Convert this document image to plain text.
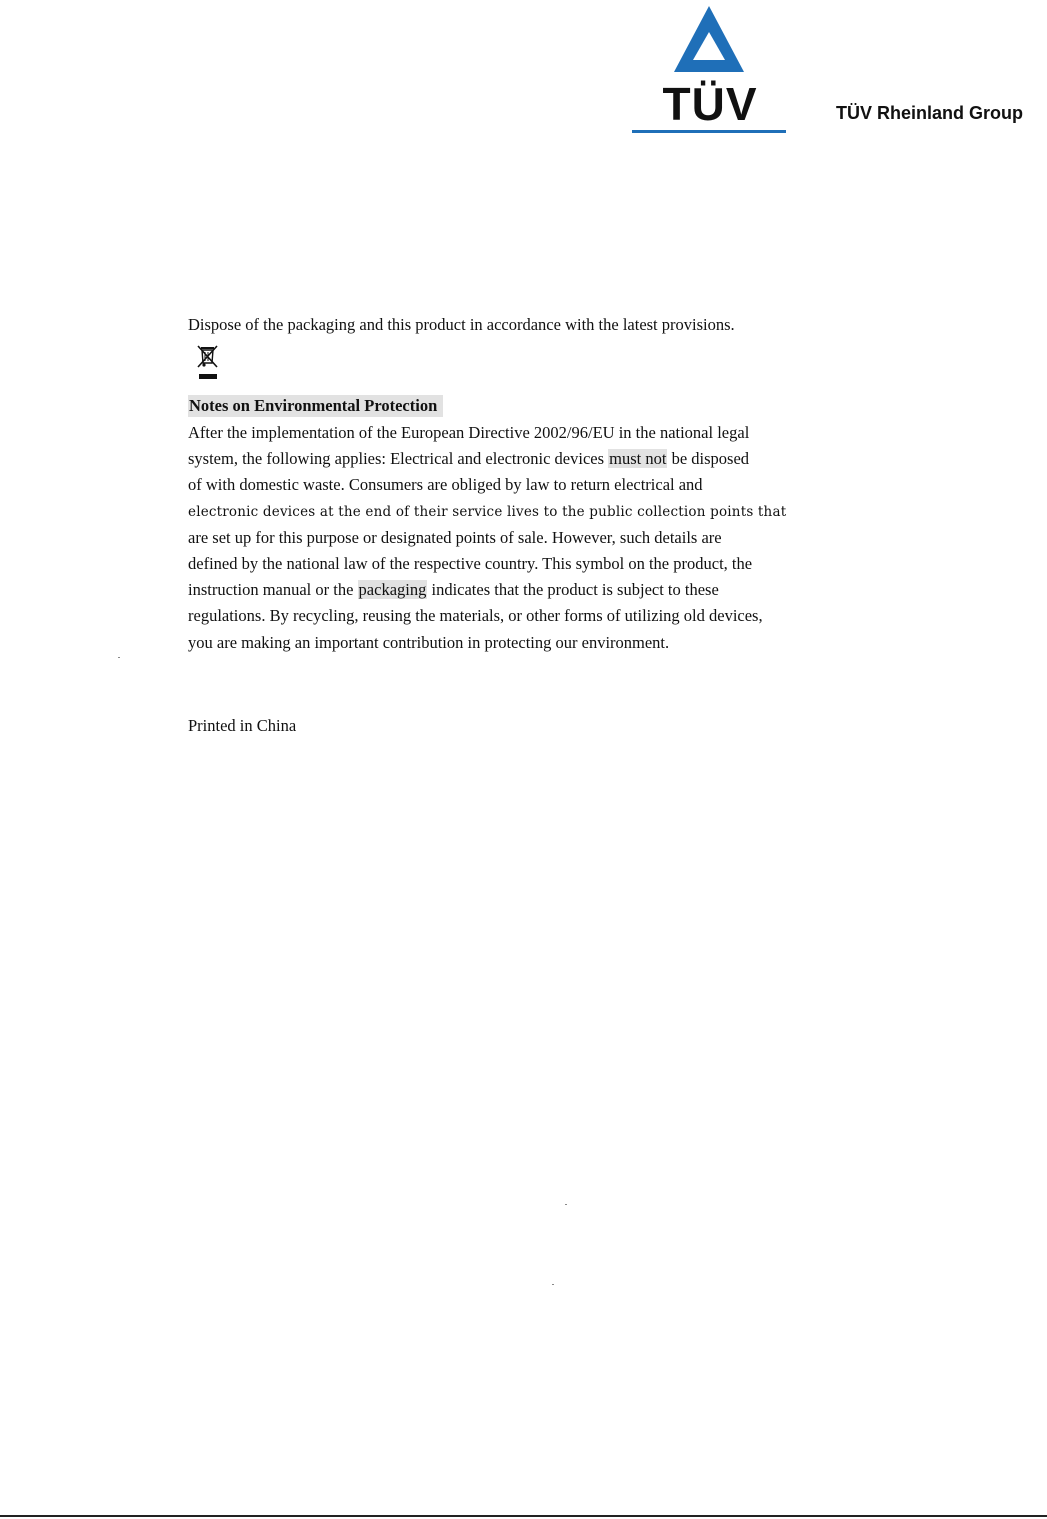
TÜV	TÜV Rheinland Group
Dispose of the packaging and this product in accordance with the latest provisions.
Notes on Environmental Protection
After the implementation of the European Directive 2002/96/EU in the national legal
system, the following applies: Electrical and electronic devices must not be disposed
of with domestic waste. Consumers are obliged by law to return electrical and
electronic devices at the end of their service lives to the public collection points that
are set up for this purpose or designated points of sale. However, such details are
defined by the national law of the respective country. This symbol on the product, the
instruction manual or the packaging indicates that the product is subject to these
regulations. By recycling, reusing the materials, or other forms of utilizing old devices,
you are making an important contribution in protecting our environment.
Printed in China
